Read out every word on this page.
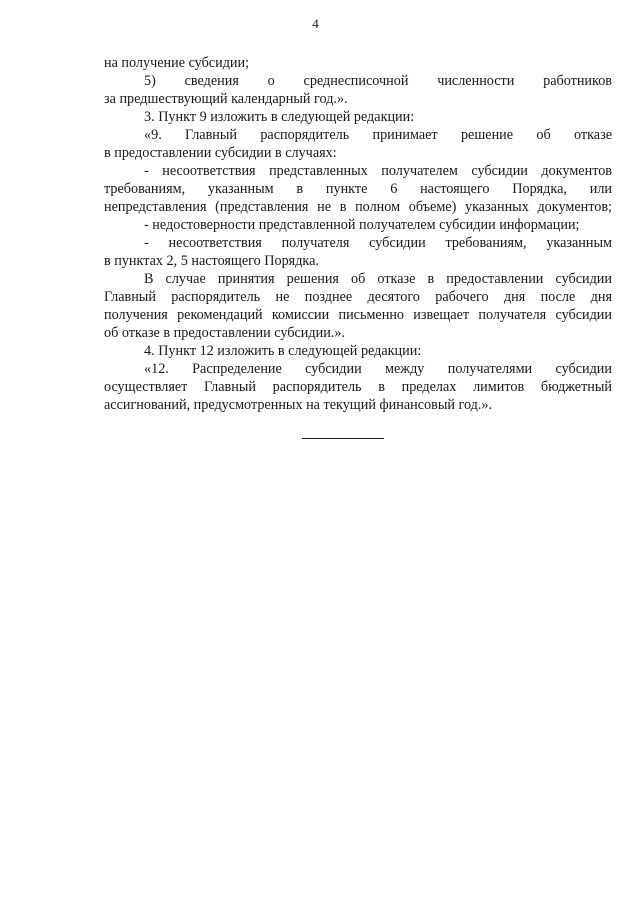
4
на получение субсидии;
5) сведения о среднесписочной численности работников
за предшествующий календарный год.».
3. Пункт 9 изложить в следующей редакции:
«9. Главный распорядитель принимает решение об отказе
в предоставлении субсидии в случаях:
- несоответствия представленных получателем субсидии документов
требованиям, указанным в пункте 6 настоящего Порядка, или
непредставления (представления не в полном объеме) указанных документов;
- недостоверности представленной получателем субсидии информации;
- несоответствия получателя субсидии требованиям, указанным
в пунктах 2, 5 настоящего Порядка.
В случае принятия решения об отказе в предоставлении субсидии
Главный распорядитель не позднее десятого рабочего дня после дня
получения рекомендаций комиссии письменно извещает получателя субсидии
об отказе в предоставлении субсидии.».
4. Пункт 12 изложить в следующей редакции:
«12. Распределение субсидии между получателями субсидии
осуществляет Главный распорядитель в пределах лимитов бюджетный
ассигнований, предусмотренных на текущий финансовый год.».
